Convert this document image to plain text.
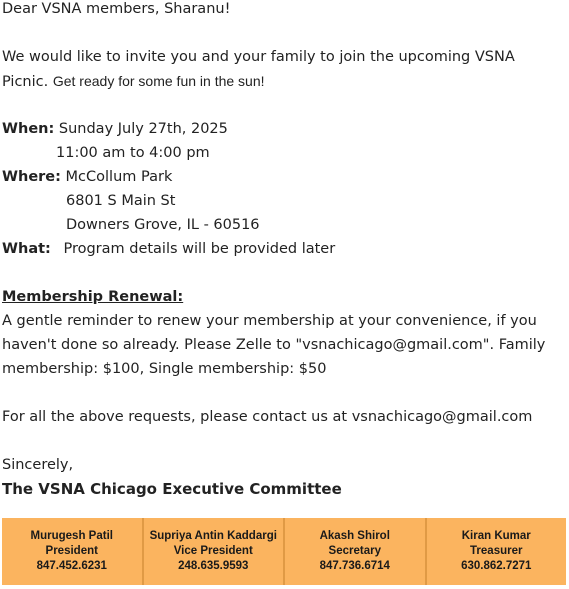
Dear VSNA members, Sharanu!
We would like to invite you and your family to join the upcoming VSNA
Picnic. Get ready for some fun in the sun!
When: Sunday July 27th, 2025
11:00 am to 4:00 pm
Where: McCollum Park
6801 S Main St
Downers Grove, IL - 60516
What: Program details will be provided later
Membership Renewal:
A gentle reminder to renew your membership at your convenience, if you
haven't done so already. Please Zelle to "vsnachicago@gmail.com". Family
membership: $100, Single membership: $50
For all the above requests, please contact us at vsnachicago@gmail.com
Sincerely,
The VSNA Chicago Executive Committee
Murugesh Patil
President
847.452.6231
Supriya Antin Kaddargi
Vice President
248.635.9593
Akash Shirol
Secretary
847.736.6714
Kiran Kumar
Treasurer
630.862.7271
